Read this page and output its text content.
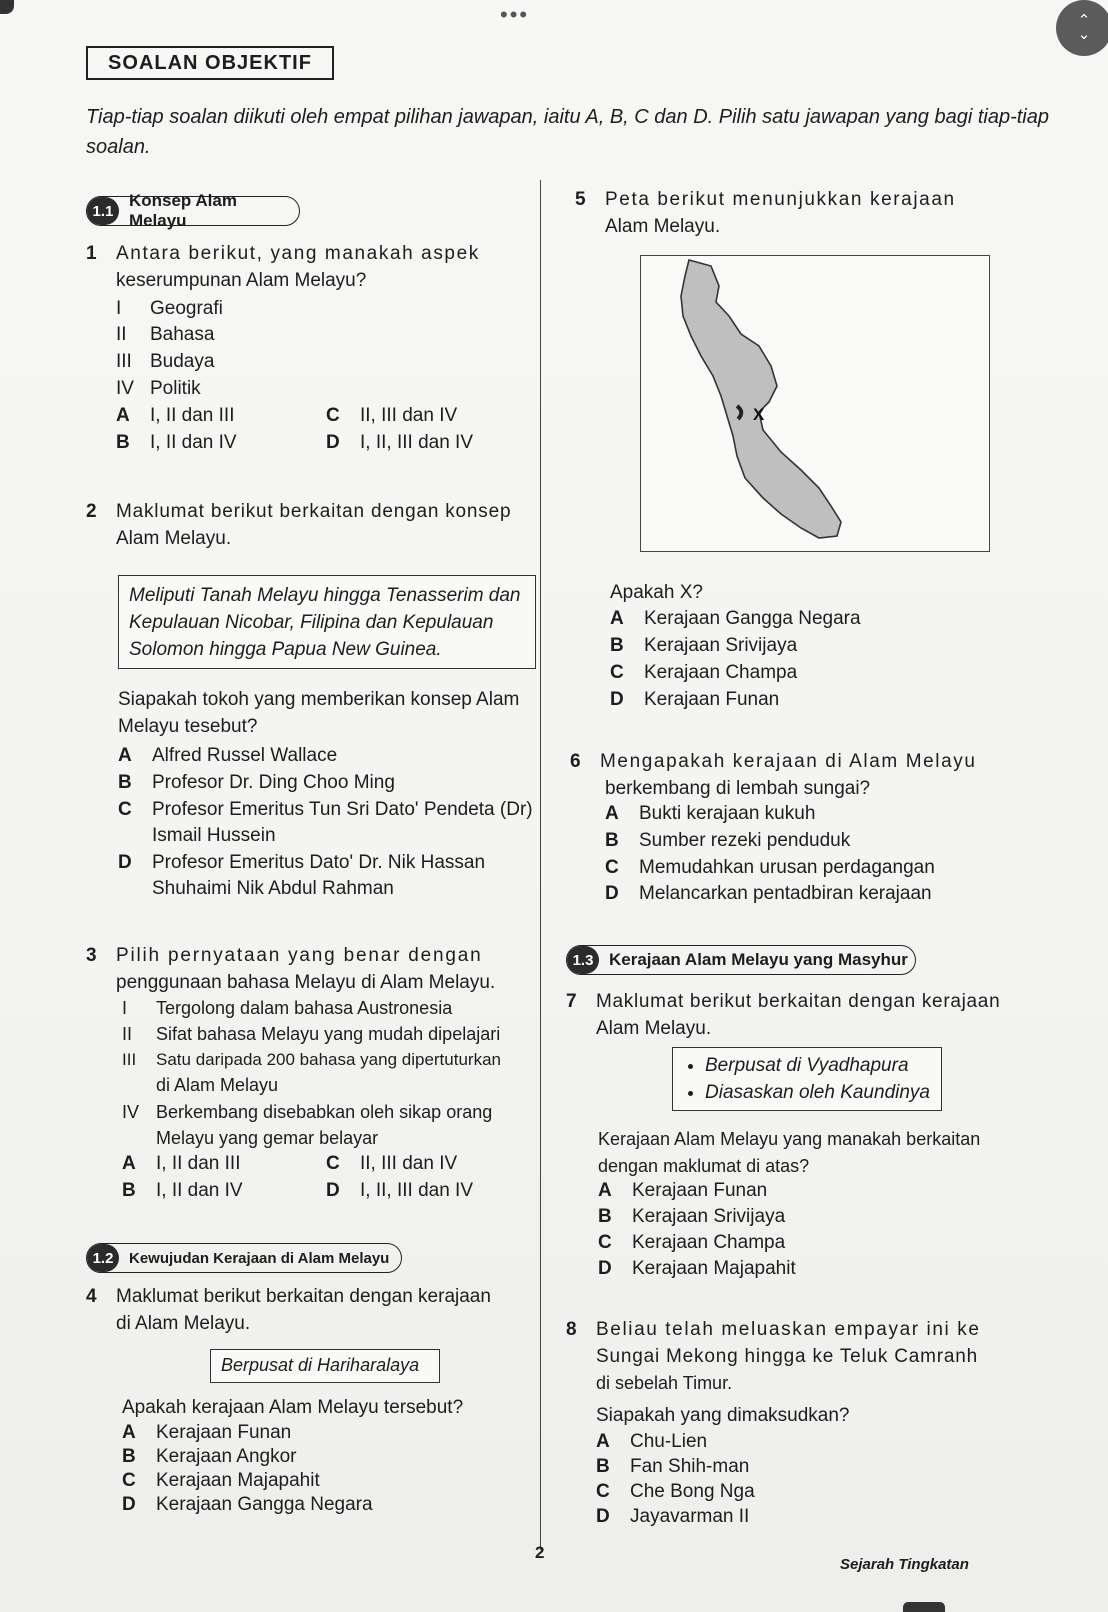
•••	⌃
⌄
SOALAN OBJEKTIF
Tiap-tiap soalan diikuti oleh empat pilihan jawapan, iaitu A, B, C dan D. Pilih satu jawapan yang bagi tiap-tiap soalan.
1.1
Konsep Alam Melayu
1 Antara berikut, yang manakah aspek
keserumpunan Alam Melayu?
I Geografi
II Bahasa
III Budaya
IV Politik
A I, II dan III	C II, III dan IV
B I, II dan IV	D I, II, III dan IV
2 Maklumat berikut berkaitan dengan konsep
Alam Melayu.
Meliputi Tanah Melayu hingga Tenasserim dan
Kepulauan Nicobar, Filipina dan Kepulauan
Solomon hingga Papua New Guinea.
Siapakah tokoh yang memberikan konsep Alam
Melayu tesebut?
A Alfred Russel Wallace
B Profesor Dr. Ding Choo Ming
C Profesor Emeritus Tun Sri Dato' Pendeta (Dr)
Ismail Hussein
D Profesor Emeritus Dato' Dr. Nik Hassan
Shuhaimi Nik Abdul Rahman
3 Pilih pernyataan yang benar dengan
penggunaan bahasa Melayu di Alam Melayu.
I Tergolong dalam bahasa Austronesia
II Sifat bahasa Melayu yang mudah dipelajari
III Satu daripada 200 bahasa yang dipertuturkan
di Alam Melayu
IV Berkembang disebabkan oleh sikap orang
Melayu yang gemar belayar
A I, II dan III	C II, III dan IV
B I, II dan IV	D I, II, III dan IV
1.2	Kewujudan Kerajaan di Alam Melayu
4 Maklumat berikut berkaitan dengan kerajaan
di Alam Melayu.
Berpusat di Hariharalaya
Apakah kerajaan Alam Melayu tersebut?
A Kerajaan Funan
B Kerajaan Angkor
C Kerajaan Majapahit
D Kerajaan Gangga Negara
5 Peta berikut menunjukkan kerajaan
Alam Melayu.
X
Apakah X?
A Kerajaan Gangga Negara
B Kerajaan Srivijaya
C Kerajaan Champa
D Kerajaan Funan
6 Mengapakah kerajaan di Alam Melayu
berkembang di lembah sungai?
A Bukti kerajaan kukuh
B Sumber rezeki penduduk
C Memudahkan urusan perdagangan
D Melancarkan pentadbiran kerajaan
1.3 Kerajaan Alam Melayu yang Masyhur
7 Maklumat berikut berkaitan dengan kerajaan
Alam Melayu.
• Berpusat di Vyadhapura
• Diasaskan oleh Kaundinya
Kerajaan Alam Melayu yang manakah berkaitan
dengan maklumat di atas?
A Kerajaan Funan
B Kerajaan Srivijaya
C Kerajaan Champa
D Kerajaan Majapahit
8 Beliau telah meluaskan empayar ini ke
Sungai Mekong hingga ke Teluk Camranh
di sebelah Timur.
Siapakah yang dimaksudkan?
A Chu-Lien
B Fan Shih-man
C Che Bong Nga
D Jayavarman II
2
Sejarah Tingkatan
